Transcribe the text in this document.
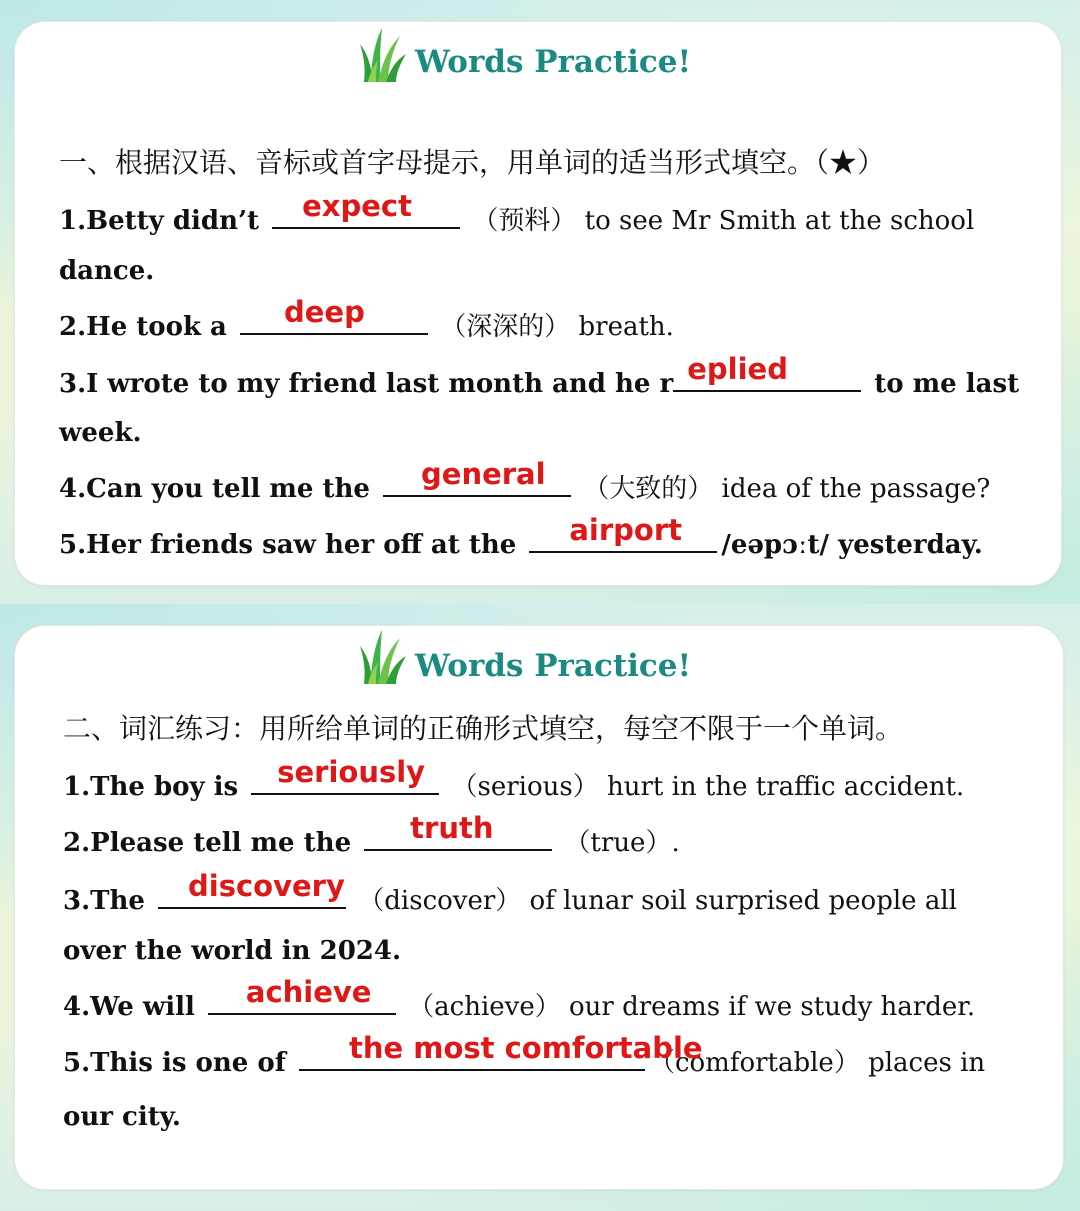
Words Practice!
一、根据汉语、音标或首字母提示，用单词的适当形式填空。（★）
1.Betty didn’t expect （预料） to see Mr Smith at the school
dance.
2.He took a deep	（深深的） breath.
3.I wrote to my friend last month and he r eplied	to me last
week.
4.Can you tell me the general （大致的） idea of the passage?
5.Her friends saw her off at the airport /eəpɔːt/ yesterday.
Words Practice!
二、词汇练习：用所给单词的正确形式填空，每空不限于一个单词。
1.The boy is seriously （serious） hurt in the traffic accident.
2.Please tell me the truth （true）.
3.The discovery （discover） of lunar soil surprised people all
over the world in 2024.
4.We will achieve （achieve） our dreams if we study harder.
5.This is one of the most comfortable
（comfortable） places in
our city.
